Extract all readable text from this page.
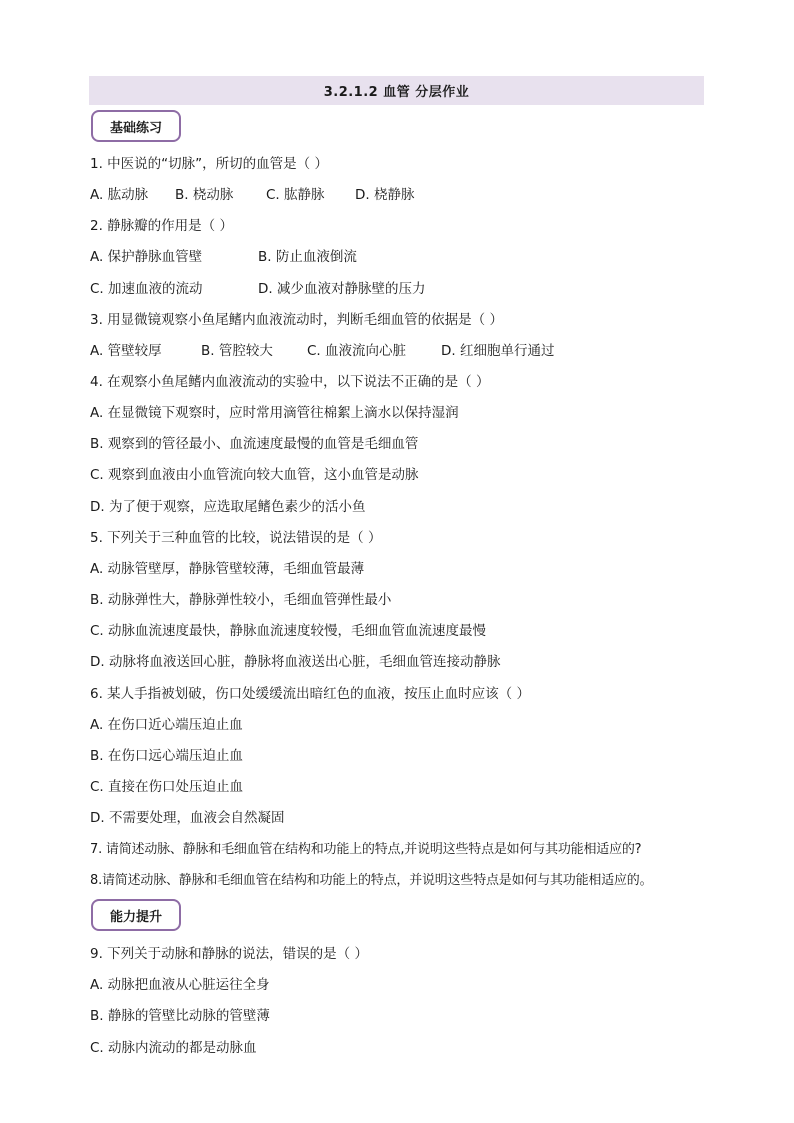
3.2.1.2 血管 分层作业
基础练习
1. 中医说的“切脉”，所切的血管是（ ）
A. 肱动脉 B. 桡动脉 C. 肱静脉 D. 桡静脉
2. 静脉瓣的作用是（ ）
A. 保护静脉血管壁	B. 防止血液倒流
C. 加速血液的流动	D. 减少血液对静脉壁的压力
3. 用显微镜观察小鱼尾鳍内血液流动时，判断毛细血管的依据是（ ）
A. 管壁较厚	B. 管腔较大	C. 血液流向心脏	D. 红细胞单行通过
4. 在观察小鱼尾鳍内血液流动的实验中，以下说法不正确的是（ ）
A. 在显微镜下观察时，应时常用滴管往棉絮上滴水以保持湿润
B. 观察到的管径最小、血流速度最慢的血管是毛细血管
C. 观察到血液由小血管流向较大血管，这小血管是动脉
D. 为了便于观察，应选取尾鳍色素少的活小鱼
5. 下列关于三种血管的比较，说法错误的是（ ）
A. 动脉管壁厚，静脉管壁较薄，毛细血管最薄
B. 动脉弹性大，静脉弹性较小，毛细血管弹性最小
C. 动脉血流速度最快，静脉血流速度较慢，毛细血管血流速度最慢
D. 动脉将血液送回心脏，静脉将血液送出心脏，毛细血管连接动静脉
6. 某人手指被划破，伤口处缓缓流出暗红色的血液，按压止血时应该（ ）
A. 在伤口近心端压迫止血
B. 在伤口远心端压迫止血
C. 直接在伤口处压迫止血
D. 不需要处理，血液会自然凝固
7. 请简述动脉、静脉和毛细血管在结构和功能上的特点,并说明这些特点是如何与其功能相适应的?
8.请简述动脉、静脉和毛细血管在结构和功能上的特点，并说明这些特点是如何与其功能相适应的。
能力提升
9. 下列关于动脉和静脉的说法，错误的是（ ）
A. 动脉把血液从心脏运往全身
B. 静脉的管壁比动脉的管壁薄
C. 动脉内流动的都是动脉血
